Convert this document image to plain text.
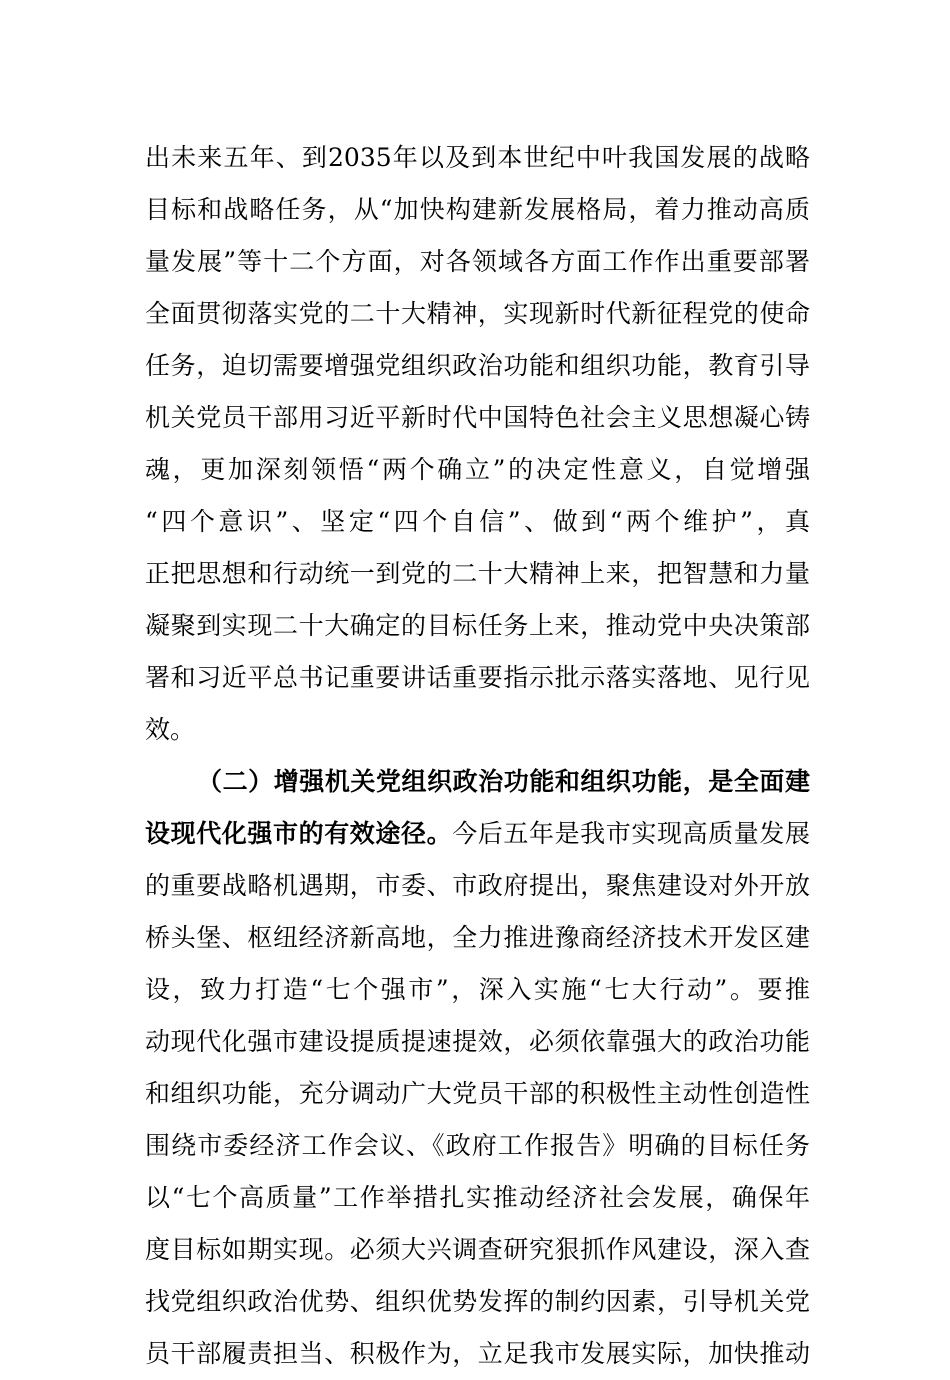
出未来五年、到2035年以及到本世纪中叶我国发展的战略
目标和战略任务，从“加快构建新发展格局，着力推动高质
量发展”等十二个方面，对各领域各方面工作作出重要部署
全面贯彻落实党的二十大精神，实现新时代新征程党的使命
任务，迫切需要增强党组织政治功能和组织功能，教育引导
机关党员干部用习近平新时代中国特色社会主义思想凝心铸
魂，更加深刻领悟“两个确立”的决定性意义，自觉增强
“四个意识”、坚定“四个自信”、做到“两个维护”，真
正把思想和行动统一到党的二十大精神上来，把智慧和力量
凝聚到实现二十大确定的目标任务上来，推动党中央决策部
署和习近平总书记重要讲话重要指示批示落实落地、见行见
效。
（二）增强机关党组织政治功能和组织功能，是全面建
设现代化强市的有效途径。今后五年是我市实现高质量发展
的重要战略机遇期，市委、市政府提出，聚焦建设对外开放
桥头堡、枢纽经济新高地，全力推进豫商经济技术开发区建
设，致力打造“七个强市”，深入实施“七大行动”。要推
动现代化强市建设提质提速提效，必须依靠强大的政治功能
和组织功能，充分调动广大党员干部的积极性主动性创造性
围绕市委经济工作会议、《政府工作报告》明确的目标任务
以“七个高质量”工作举措扎实推动经济社会发展，确保年
度目标如期实现。必须大兴调查研究狠抓作风建设，深入查
找党组织政治优势、组织优势发挥的制约因素，引导机关党
员干部履责担当、积极作为，立足我市发展实际，加快推动
